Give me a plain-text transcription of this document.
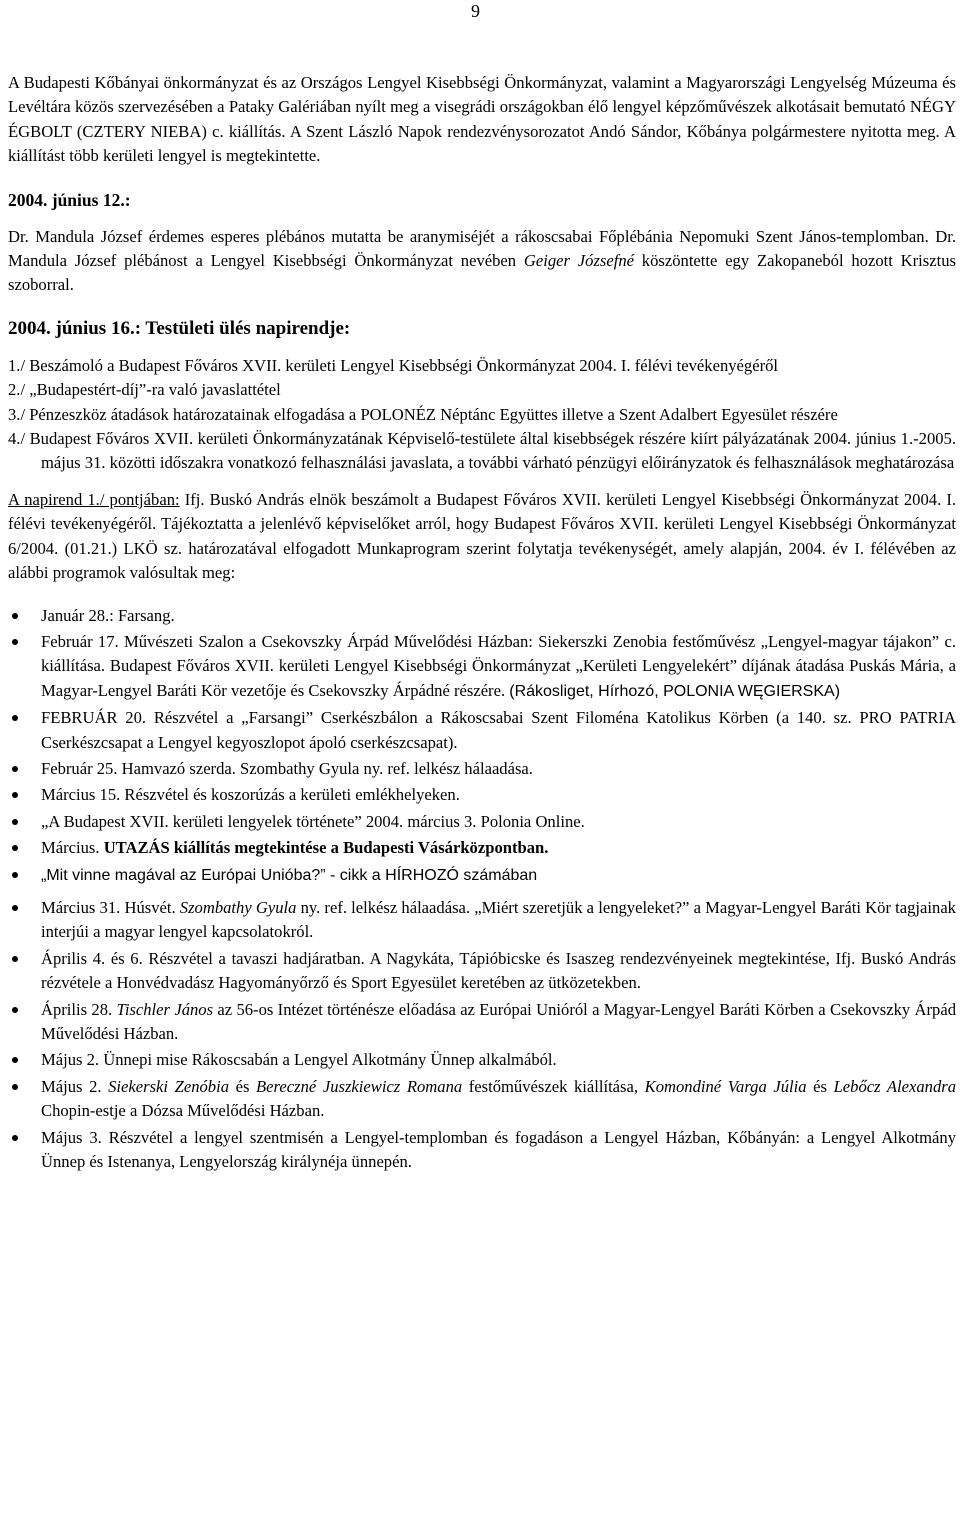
9

A Budapesti Kőbányai önkormányzat és az Országos Lengyel Kisebbségi Önkormányzat, valamint a Magyarországi Lengyelség Múzeuma és Levéltára közös szervezésében a Pataky Galériában nyílt meg a visegrádi országokban élő lengyel képzőművészek alkotásait bemutató NÉGY ÉGBOLT (CZTERY NIEBA) c. kiállítás. A Szent László Napok rendezvénysorozatot Andó Sándor, Kőbánya polgármestere nyitotta meg. A kiállítást több kerületi lengyel is megtekintette.

2004. június 12.:

Dr. Mandula József érdemes esperes plébános mutatta be aranymiséjét a rákoscsabai Főplébánia Nepomuki Szent János-templomban. Dr. Mandula József plébánost a Lengyel Kisebbségi Önkormányzat nevében Geiger Józsefné köszöntette egy Zakopaneból hozott Krisztus szoborral.

2004. június 16.: Testületi ülés napirendje:
1./ Beszámoló a Budapest Főváros XVII. kerületi Lengyel Kisebbségi Önkormányzat 2004. I. félévi tevékenyégéről
2./ „Budapestért-díj”-ra való javaslattétel
3./ Pénzeszköz átadások határozatainak elfogadása a POLONÉZ Néptánc Együttes illetve a Szent Adalbert Egyesület részére
4./ Budapest Főváros XVII. kerületi Önkormányzatának Képviselő-testülete által kisebbségek részére kiírt pályázatának 2004. június 1.-2005. május 31. közötti időszakra vonatkozó felhasználási javaslata, a további várható pénzügyi előirányzatok és felhasználások meghatározása

A napirend 1./ pontjában: Ifj. Buskó András elnök beszámolt a Budapest Főváros XVII. kerületi Lengyel Kisebbségi Önkormányzat 2004. I. félévi tevékenyégéről. Tájékoztatta a jelenlévő képviselőket arról, hogy Budapest Főváros XVII. kerületi Lengyel Kisebbségi Önkormányzat 6/2004. (01.21.) LKÖ sz. határozatával elfogadott Munkaprogram szerint folytatja tevékenységét, amely alapján, 2004. év I. félévében az alábbi programok valósultak meg:

Január 28.: Farsang.
Február 17. Művészeti Szalon a Csekovszky Árpád Művelődési Házban: Siekerszki Zenobia festőművész „Lengyel-magyar tájakon” c. kiállítása. Budapest Főváros XVII. kerületi Lengyel Kisebbségi Önkormányzat „Kerületi Lengyelekért” díjának átadása Puskás Mária, a Magyar-Lengyel Baráti Kör vezetője és Csekovszky Árpádné részére. (Rákosliget, Hírhozó, POLONIA WĘGIERSKA)
FEBRUÁR 20. Részvétel a „Farsangi” Cserkészbálon a Rákoscsabai Szent Filoména Katolikus Körben (a 140. sz. PRO PATRIA Cserkészcsapat a Lengyel kegyoszlopot ápoló cserkészcsapat).
Február 25. Hamvazó szerda. Szombathy Gyula ny. ref. lelkész hálaadása.
Március 15. Részvétel és koszorúzás a kerületi emlékhelyeken.
„A Budapest XVII. kerületi lengyelek története” 2004. március 3. Polonia Online.
Március. UTAZÁS kiállítás megtekintése a Budapesti Vásárközpontban.
„Mit vinne magával az Európai Unióba?” - cikk a HÍRHOZÓ számában
Március 31. Húsvét. Szombathy Gyula ny. ref. lelkész hálaadása. „Miért szeretjük a lengyeleket?” a Magyar-Lengyel Baráti Kör tagjainak interjúi a magyar lengyel kapcsolatokról.
Április 4. és 6. Részvétel a tavaszi hadjáratban. A Nagykáta, Tápióbicske és Isaszeg rendezvényeinek megtekintése, Ifj. Buskó András rézvétele a Honvédvadász Hagyományőrző és Sport Egyesület keretében az ütközetekben.
Április 28. Tischler János az 56-os Intézet történésze előadása az Európai Unióról a Magyar-Lengyel Baráti Körben a Csekovszky Árpád Művelődési Házban.
Május 2. Ünnepi mise Rákoscsabán a Lengyel Alkotmány Ünnep alkalmából.
Május 2. Siekerski Zenóbia és Bereczné Juszkiewicz Romana festőművészek kiállítása, Komondiné Varga Júlia és Lebőcz Alexandra Chopin-estje a Dózsa Művelődési Házban.
Május 3. Részvétel a lengyel szentmisén a Lengyel-templomban és fogadáson a Lengyel Házban, Kőbányán: a Lengyel Alkotmány Ünnep és Istenanya, Lengyelország királynéja ünnepén.
